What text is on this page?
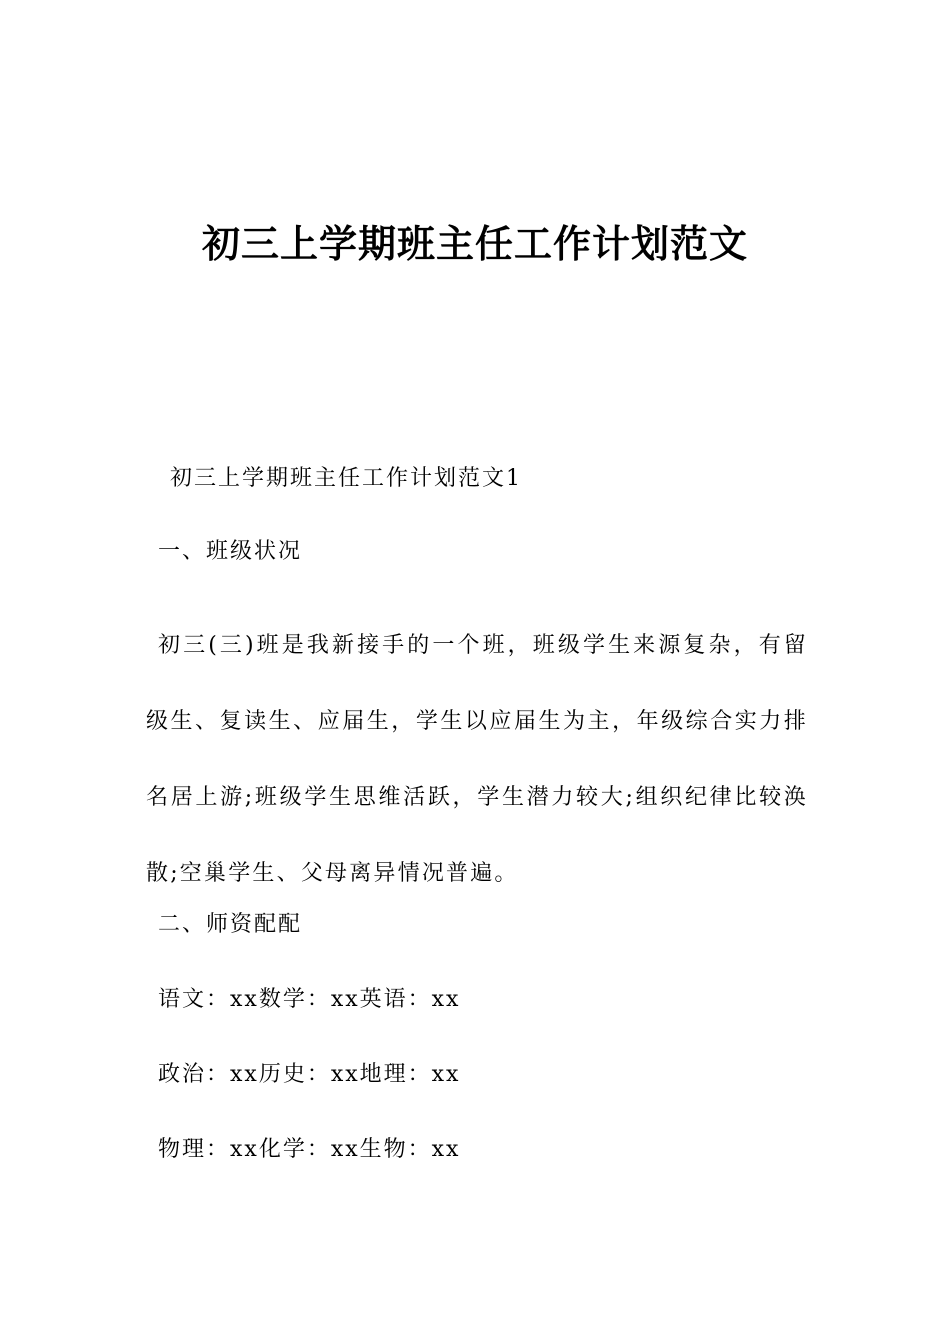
初三上学期班主任工作计划范文

初三上学期班主任工作计划范文1

一、班级状况

初三(三)班是我新接手的一个班，班级学生来源复杂，有留级生、复读生、应届生，学生以应届生为主，年级综合实力排名居上游;班级学生思维活跃，学生潜力较大;组织纪律比较涣散;空巢学生、父母离异情况普遍。

二、师资配配

语文：xx数学：xx英语：xx

政治：xx历史：xx地理：xx

物理：xx化学：xx生物：xx
